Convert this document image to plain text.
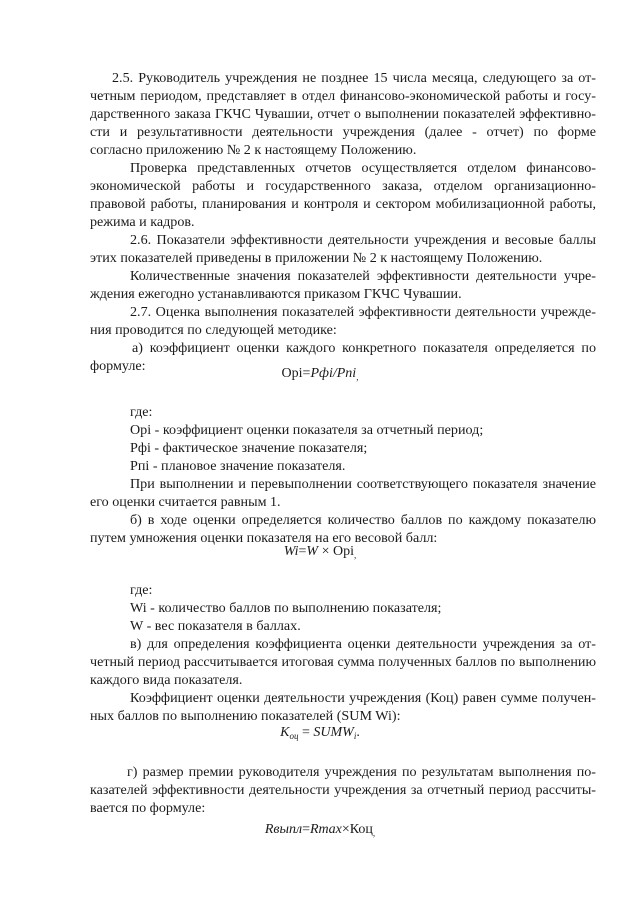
2.5. Руководитель учреждения не позднее 15 числа месяца, следующего за от-
четным периодом, представляет в отдел финансово-экономической работы и госу-
дарственного заказа ГКЧС Чувашии, отчет о выполнении показателей эффективно-
сти и результативности деятельности учреждения (далее - отчет) по форме
согласно приложению № 2 к настоящему Положению.
Проверка представленных отчетов осуществляется отделом финансово-
экономической работы и государственного заказа, отделом организационно-
правовой работы, планирования и контроля и сектором мобилизационной работы,
режима и кадров.
2.6. Показатели эффективности деятельности учреждения и весовые баллы
этих показателей приведены в приложении № 2 к настоящему Положению.
Количественные значения показателей эффективности деятельности учре-
ждения ежегодно устанавливаются приказом ГКЧС Чувашии.
2.7. Оценка выполнения показателей эффективности деятельности учрежде-
ния проводится по следующей методике:
а) коэффициент оценки каждого конкретного показателя определяется по
формуле:	Opi=Pфi/Pпi$_,$
где:
Opi - коэффициент оценки показателя за отчетный период;
Pфi - фактическое значение показателя;
Pпi - плановое значение показателя.
При выполнении и перевыполнении соответствующего показателя значение
его оценки считается равным 1.
б) в ходе оценки определяется количество баллов по каждому показателю
путем умножения оценки показателя на его весовой балл:
Wi=W × Opi$_,$
где:
Wi - количество баллов по выполнению показателя;
W - вес показателя в баллах.
в) для определения коэффициента оценки деятельности учреждения за от-
четный период рассчитывается итоговая сумма полученных баллов по выполнению
каждого вида показателя.
Коэффициент оценки деятельности учреждения (Коц) равен сумме получен-
ных баллов по выполнению показателей (SUM Wi):
$K_{оц}$ = $SUMW_i$.
г) размер премии руководителя учреждения по результатам выполнения по-
казателей эффективности деятельности учреждения за отчетный период рассчиты-
вается по формуле:
Rвыпл=Rmax×Коц$_,$
